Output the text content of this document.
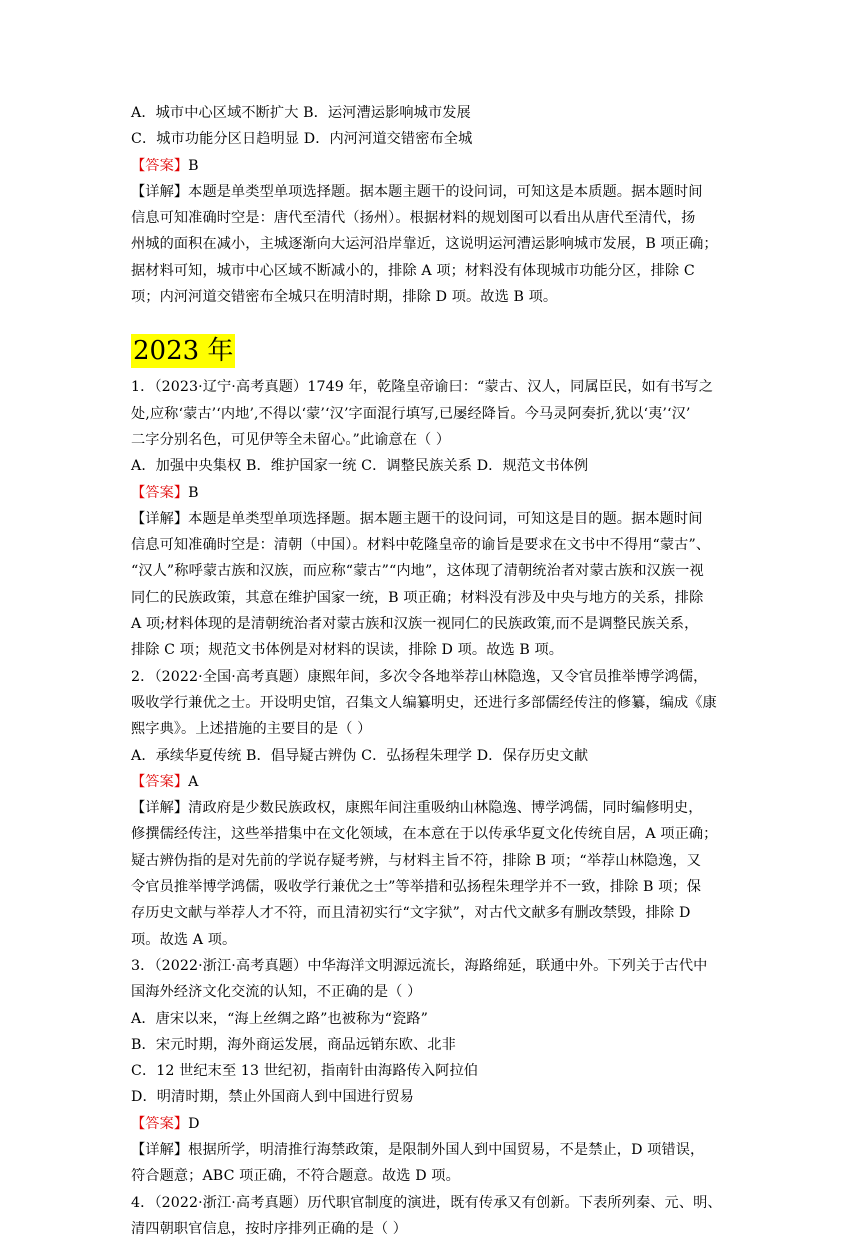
A．城市中心区域不断扩大 B．运河漕运影响城市发展
C．城市功能分区日趋明显 D．内河河道交错密布全城
【答案】B
【详解】本题是单类型单项选择题。据本题主题干的设问词，可知这是本质题。据本题时间
信息可知准确时空是：唐代至清代（扬州）。根据材料的规划图可以看出从唐代至清代，扬
州城的面积在减小，主城逐渐向大运河沿岸靠近，这说明运河漕运影响城市发展，B 项正确；
据材料可知，城市中心区域不断减小的，排除 A 项；材料没有体现城市功能分区，排除 C
项；内河河道交错密布全城只在明清时期，排除 D 项。故选 B 项。
2023 年
1．（2023·辽宁·高考真题）1749 年，乾隆皇帝谕曰：“蒙古、汉人，同属臣民，如有书写之
处,应称‘蒙古’‘内地’,不得以‘蒙’‘汉’字面混行填写,已屡经降旨。今马灵阿奏折,犹以‘夷’‘汉’
二字分别名色，可见伊等全未留心。”此谕意在（ ）
A．加强中央集权 B．维护国家一统 C．调整民族关系 D．规范文书体例
【答案】B
【详解】本题是单类型单项选择题。据本题主题干的设问词，可知这是目的题。据本题时间
信息可知准确时空是：清朝（中国）。材料中乾隆皇帝的谕旨是要求在文书中不得用“蒙古”、
“汉人”称呼蒙古族和汉族，而应称“蒙古”“内地”，这体现了清朝统治者对蒙古族和汉族一视
同仁的民族政策，其意在维护国家一统，B 项正确；材料没有涉及中央与地方的关系，排除
A 项;材料体现的是清朝统治者对蒙古族和汉族一视同仁的民族政策,而不是调整民族关系，
排除 C 项；规范文书体例是对材料的误读，排除 D 项。故选 B 项。
2．（2022·全国·高考真题）康熙年间，多次令各地举荐山林隐逸，又令官员推举博学鸿儒，
吸收学行兼优之士。开设明史馆，召集文人编纂明史，还进行多部儒经传注的修纂，编成《康
熙字典》。上述措施的主要目的是（ ）
A．承续华夏传统 B．倡导疑古辨伪 C．弘扬程朱理学 D．保存历史文献
【答案】A
【详解】清政府是少数民族政权，康熙年间注重吸纳山林隐逸、博学鸿儒，同时编修明史，
修撰儒经传注，这些举措集中在文化领域，在本意在于以传承华夏文化传统自居，A 项正确；
疑古辨伪指的是对先前的学说存疑考辨，与材料主旨不符，排除 B 项；“举荐山林隐逸，又
令官员推举博学鸿儒，吸收学行兼优之士”等举措和弘扬程朱理学并不一致，排除 B 项；保
存历史文献与举荐人才不符，而且清初实行“文字狱”，对古代文献多有删改禁毁，排除 D
项。故选 A 项。
3．（2022·浙江·高考真题）中华海洋文明源远流长，海路绵延，联通中外。下列关于古代中
国海外经济文化交流的认知，不正确的是（ ）
A．唐宋以来，“海上丝绸之路”也被称为“瓷路”
B．宋元时期，海外商运发展，商品远销东欧、北非
C．12 世纪末至 13 世纪初，指南针由海路传入阿拉伯
D．明清时期，禁止外国商人到中国进行贸易
【答案】D
【详解】根据所学，明清推行海禁政策，是限制外国人到中国贸易，不是禁止，D 项错误，
符合题意；ABC 项正确，不符合题意。故选 D 项。
4．（2022·浙江·高考真题）历代职官制度的演进，既有传承又有创新。下表所列秦、元、明、
清四朝职官信息，按时序排列正确的是（ ）
